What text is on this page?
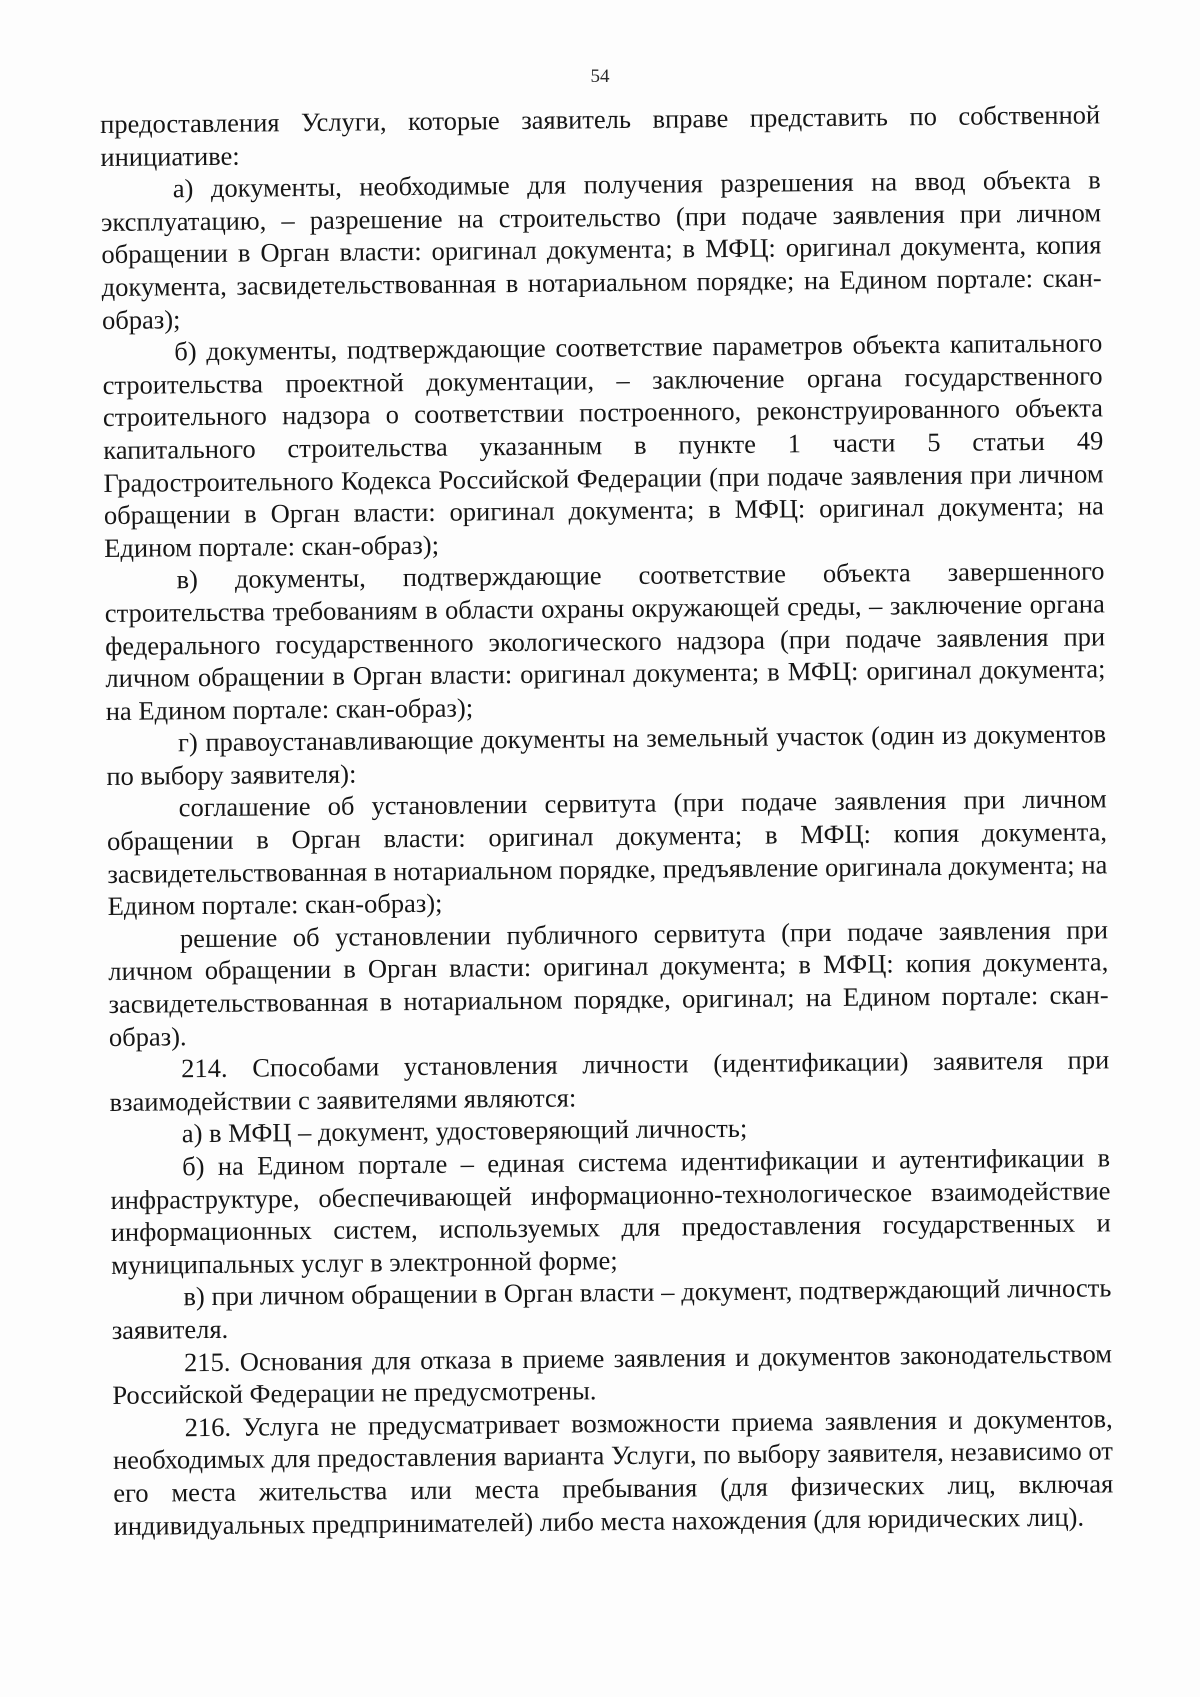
54

предоставления Услуги, которые заявитель вправе представить по собственной инициативе:

а) документы, необходимые для получения разрешения на ввод объекта в эксплуатацию, – разрешение на строительство (при подаче заявления при личном обращении в Орган власти: оригинал документа; в МФЦ: оригинал документа, копия документа, засвидетельствованная в нотариальном порядке; на Едином портале: скан-образ);

б) документы, подтверждающие соответствие параметров объекта капитального строительства проектной документации, – заключение органа государственного строительного надзора о соответствии построенного, реконструированного объекта капитального строительства указанным в пункте 1 части 5 статьи 49 Градостроительного Кодекса Российской Федерации (при подаче заявления при личном обращении в Орган власти: оригинал документа; в МФЦ: оригинал документа; на Едином портале: скан-образ);

в) документы, подтверждающие соответствие объекта завершенного строительства требованиям в области охраны окружающей среды, – заключение органа федерального государственного экологического надзора (при подаче заявления при личном обращении в Орган власти: оригинал документа; в МФЦ: оригинал документа; на Едином портале: скан-образ);

г) правоустанавливающие документы на земельный участок (один из документов по выбору заявителя):

соглашение об установлении сервитута (при подаче заявления при личном обращении в Орган власти: оригинал документа; в МФЦ: копия документа, засвидетельствованная в нотариальном порядке, предъявление оригинала документа; на Едином портале: скан-образ);

решение об установлении публичного сервитута (при подаче заявления при личном обращении в Орган власти: оригинал документа; в МФЦ: копия документа, засвидетельствованная в нотариальном порядке, оригинал; на Едином портале: скан-образ).

214. Способами установления личности (идентификации) заявителя при взаимодействии с заявителями являются:

а) в МФЦ – документ, удостоверяющий личность;

б) на Едином портале – единая система идентификации и аутентификации в инфраструктуре, обеспечивающей информационно-технологическое взаимодействие информационных систем, используемых для предоставления государственных и муниципальных услуг в электронной форме;

в) при личном обращении в Орган власти – документ, подтверждающий личность заявителя.

215. Основания для отказа в приеме заявления и документов законодательством Российской Федерации не предусмотрены.

216. Услуга не предусматривает возможности приема заявления и документов, необходимых для предоставления варианта Услуги, по выбору заявителя, независимо от его места жительства или места пребывания (для физических лиц, включая индивидуальных предпринимателей) либо места нахождения (для юридических лиц).
